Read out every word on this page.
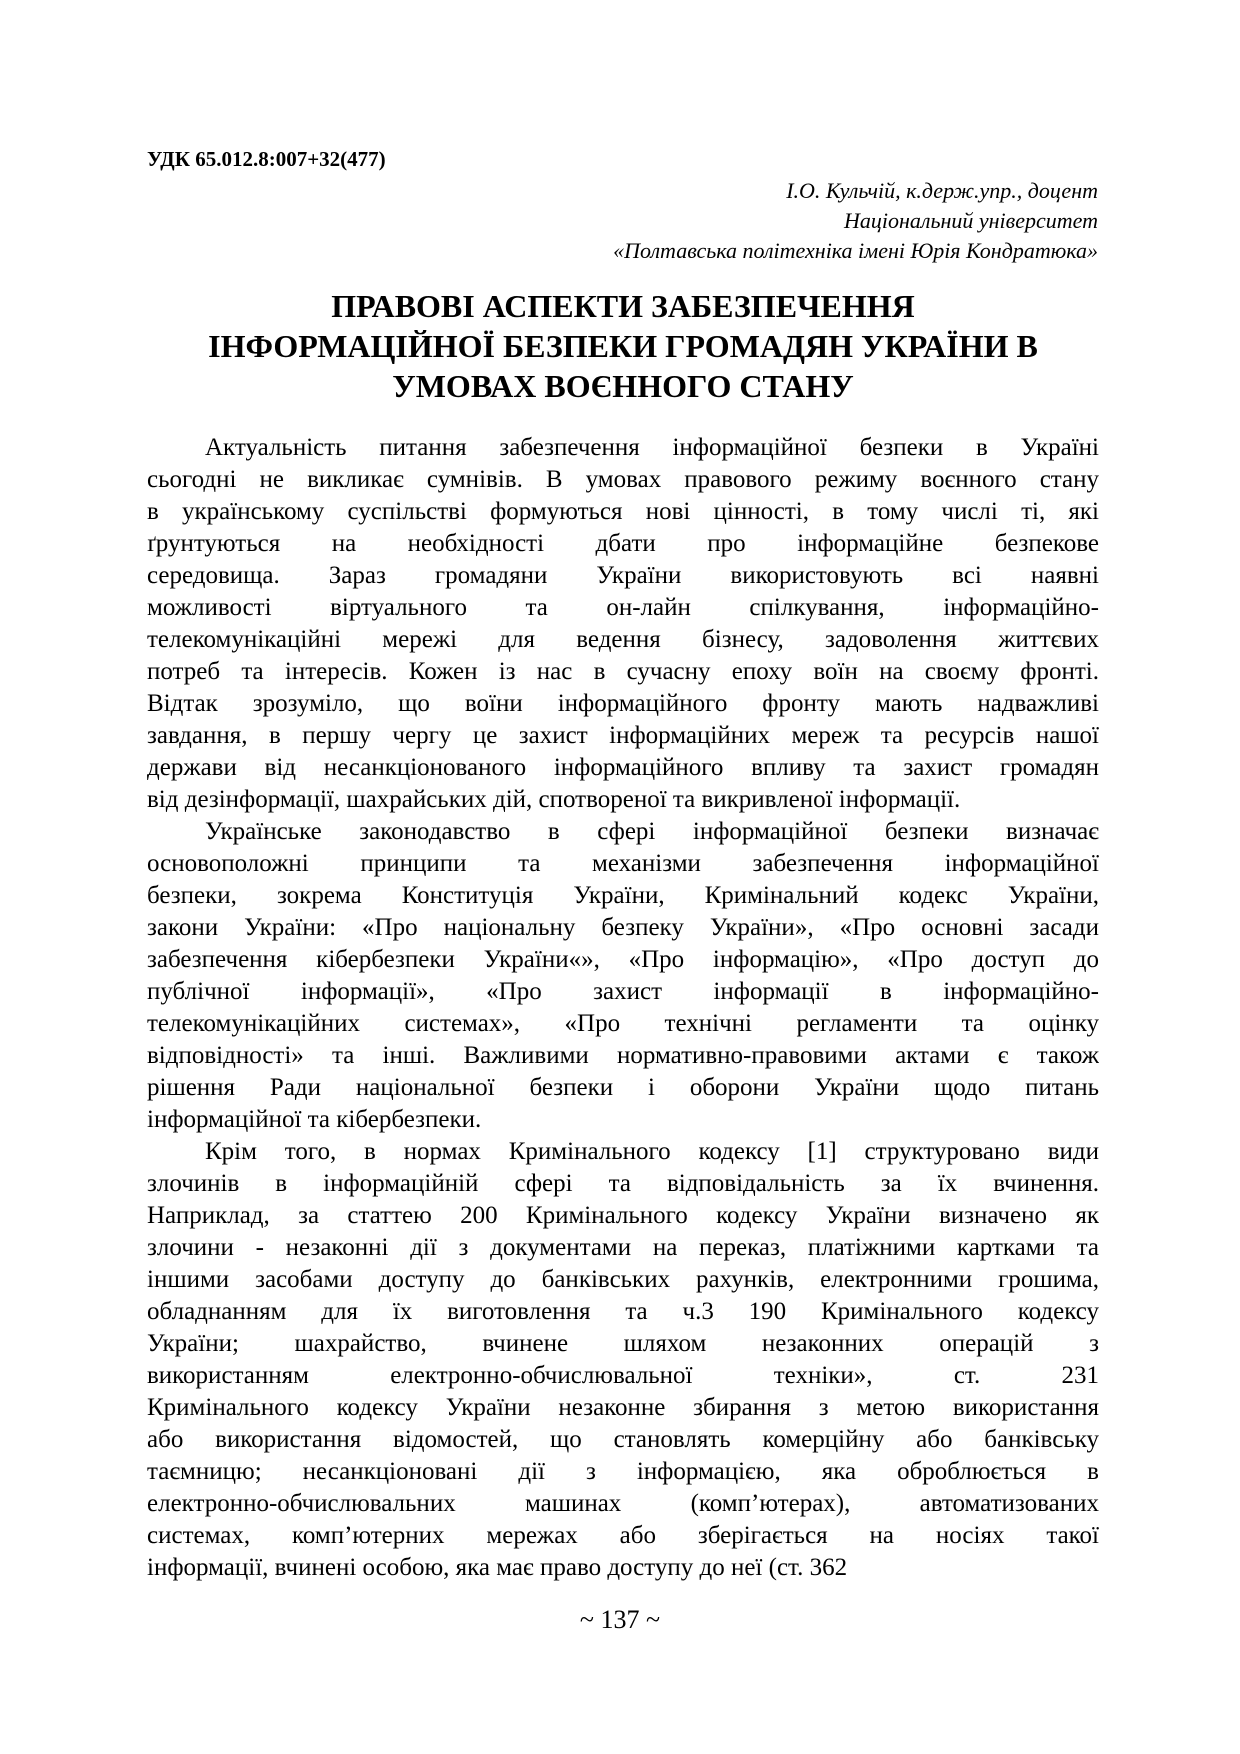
УДК 65.012.8:007+32(477)
І.О. Кульчій, к.держ.упр., доцент
Національний університет
«Полтавська політехніка імені Юрія Кондратюка»
ПРАВОВІ АСПЕКТИ ЗАБЕЗПЕЧЕННЯ
ІНФОРМАЦІЙНОЇ БЕЗПЕКИ ГРОМАДЯН УКРАЇНИ В
УМОВАХ ВОЄННОГО СТАНУ
Актуальність питання забезпечення інформаційної безпеки в Україні
сьогодні не викликає сумнівів. В умовах правового режиму воєнного стану
в українському суспільстві формуються нові цінності, в тому числі ті, які
ґрунтуються на необхідності дбати про інформаційне безпекове
середовища. Зараз громадяни України використовують всі наявні
можливості віртуального та он-лайн спілкування, інформаційно-
телекомунікаційні мережі для ведення бізнесу, задоволення життєвих
потреб та інтересів. Кожен із нас в сучасну епоху воїн на своєму фронті.
Відтак зрозуміло, що воїни інформаційного фронту мають надважливі
завдання, в першу чергу це захист інформаційних мереж та ресурсів нашої
держави від несанкціонованого інформаційного впливу та захист громадян
від дезінформації, шахрайських дій, спотвореної та викривленої інформації.
Українське законодавство в сфері інформаційної безпеки визначає
основоположні принципи та механізми забезпечення інформаційної
безпеки, зокрема Конституція України, Кримінальний кодекс України,
закони України: «Про національну безпеку України», «Про основні засади
забезпечення кібербезпеки України«», «Про інформацію», «Про доступ до
публічної інформації», «Про захист інформації в інформаційно-
телекомунікаційних системах», «Про технічні регламенти та оцінку
відповідності» та інші. Важливими нормативно-правовими актами є також
рішення Ради національної безпеки і оборони України щодо питань
інформаційної та кібербезпеки.
Крім того, в нормах Кримінального кодексу [1] структуровано види
злочинів в інформаційній сфері та відповідальність за їх вчинення.
Наприклад, за статтею 200 Кримінального кодексу України визначено як
злочини - незаконні дії з документами на переказ, платіжними картками та
іншими засобами доступу до банківських рахунків, електронними грошима,
обладнанням для їх виготовлення та ч.3 190 Кримінального кодексу
України; шахрайство, вчинене шляхом незаконних операцій з
використанням електронно-обчислювальної техніки», ст. 231
Кримінального кодексу України незаконне збирання з метою використання
або використання відомостей, що становлять комерційну або банківську
таємницю; несанкціоновані дії з інформацією, яка оброблюється в
електронно-обчислювальних машинах (комп’ютерах), автоматизованих
системах, комп’ютерних мережах або зберігається на носіях такої
інформації, вчинені особою, яка має право доступу до неї (ст. 362
~ 137 ~
